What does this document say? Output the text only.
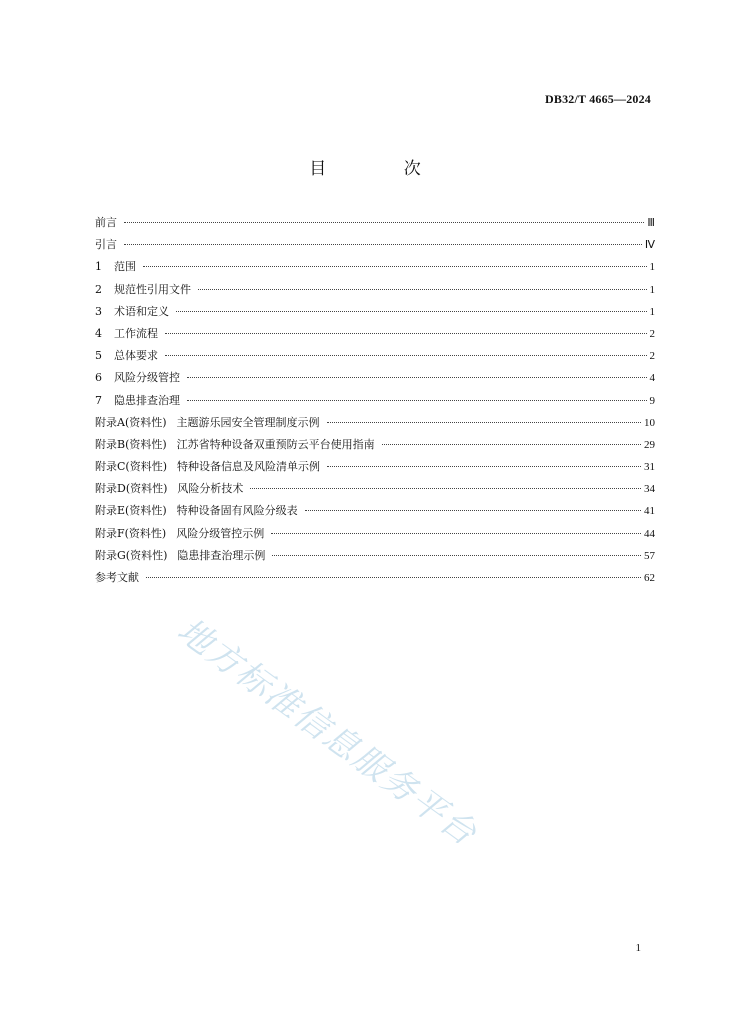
DB32/T 4665—2024
目 次
前言	Ⅲ
引言	Ⅳ
1	范围	1
2	规范性引用文件	1
3	术语和定义	1
4	工作流程	2
5	总体要求	2
6	风险分级管控	4
7	隐患排查治理	9
附录A(资料性) 主题游乐园安全管理制度示例	10
附录B(资料性) 江苏省特种设备双重预防云平台使用指南	29
附录C(资料性) 特种设备信息及风险清单示例	31
附录D(资料性) 风险分析技术	34
附录E(资料性) 特种设备固有风险分级表	41
附录F(资料性) 风险分级管控示例	44
附录G(资料性) 隐患排查治理示例	57
参考文献	62
地方标准信息服务平台
1
